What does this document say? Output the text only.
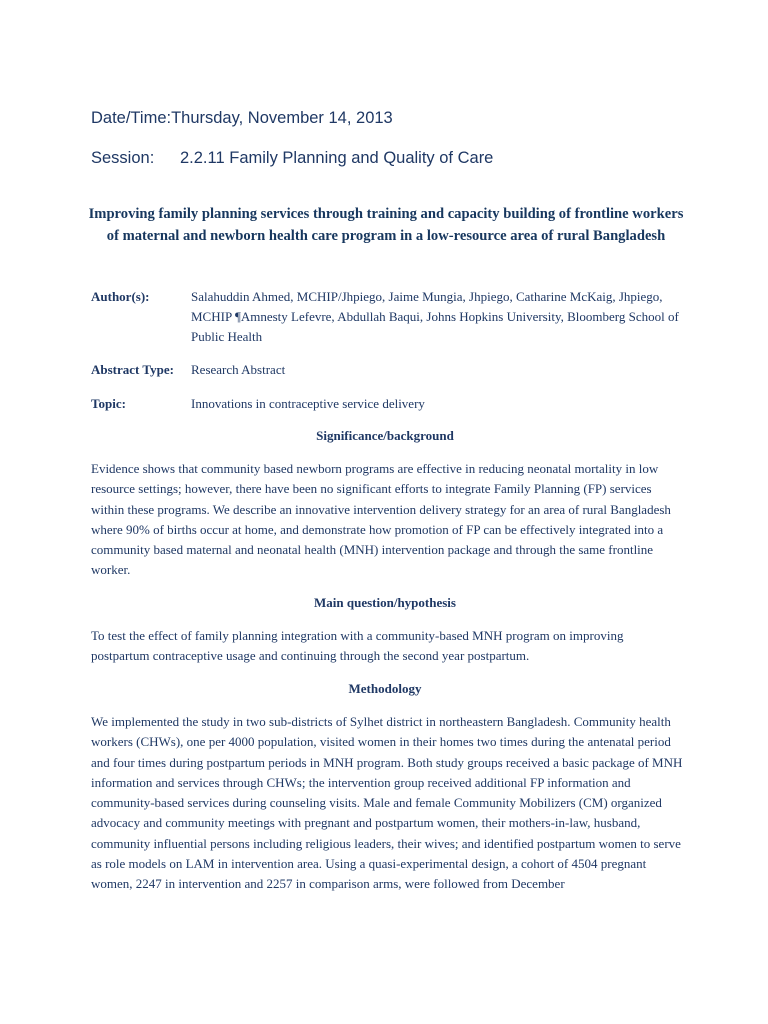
Date/Time:Thursday, November 14, 2013
Session: 2.2.11 Family Planning and Quality of Care
Improving family planning services through training and capacity building of frontline workers of maternal and newborn health care program in a low-resource area of rural Bangladesh
Author(s):	Salahuddin Ahmed, MCHIP/Jhpiego, Jaime Mungia, Jhpiego, Catharine McKaig, Jhpiego, MCHIP ¶Amnesty Lefevre, Abdullah Baqui, Johns Hopkins University, Bloomberg School of Public Health
Abstract Type: Research Abstract
Topic:	Innovations in contraceptive service delivery
Significance/background
Evidence shows that community based newborn programs are effective in reducing neonatal mortality in low resource settings; however, there have been no significant efforts to integrate Family Planning (FP) services within these programs. We describe an innovative intervention delivery strategy for an area of rural Bangladesh where 90% of births occur at home, and demonstrate how promotion of FP can be effectively integrated into a community based maternal and neonatal health (MNH) intervention package and through the same frontline worker.
Main question/hypothesis
To test the effect of family planning integration with a community-based MNH program on improving postpartum contraceptive usage and continuing through the second year postpartum.
Methodology
We implemented the study in two sub-districts of Sylhet district in northeastern Bangladesh. Community health workers (CHWs), one per 4000 population, visited women in their homes two times during the antenatal period and four times during postpartum periods in MNH program. Both study groups received a basic package of MNH information and services through CHWs; the intervention group received additional FP information and community-based services during counseling visits. Male and female Community Mobilizers (CM) organized advocacy and community meetings with pregnant and postpartum women, their mothers-in-law, husband, community influential persons including religious leaders, their wives; and identified postpartum women to serve as role models on LAM in intervention area. Using a quasi-experimental design, a cohort of 4504 pregnant women, 2247 in intervention and 2257 in comparison arms, were followed from December
